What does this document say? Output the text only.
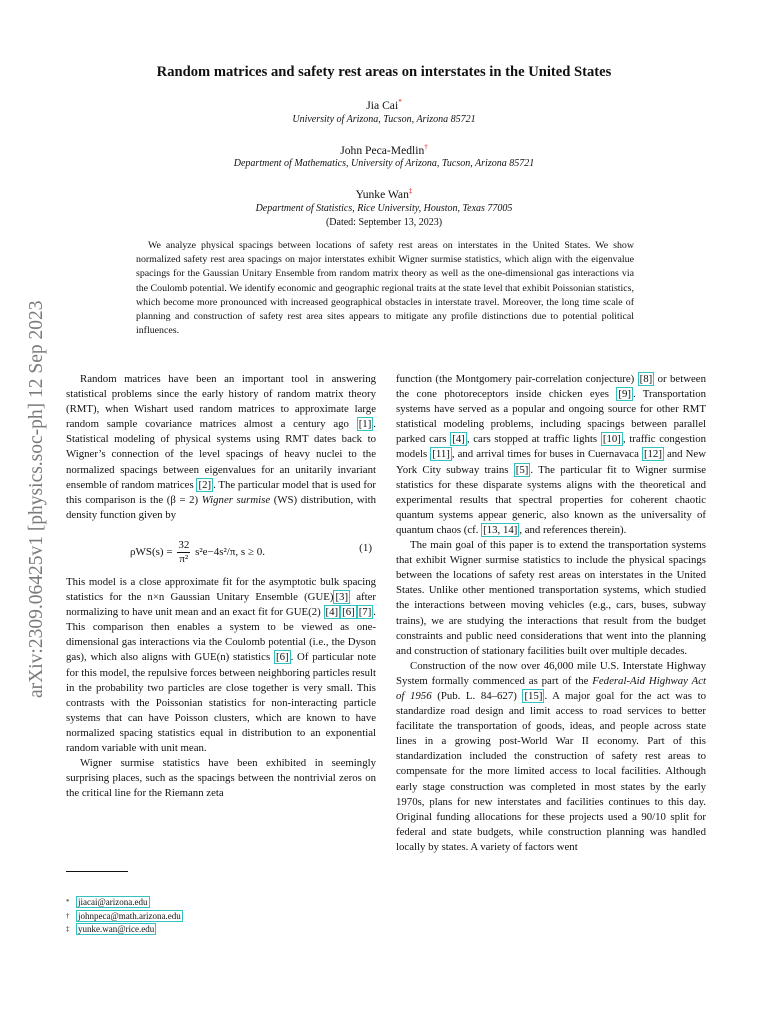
arXiv:2309.06425v1 [physics.soc-ph] 12 Sep 2023
Random matrices and safety rest areas on interstates in the United States
Jia Cai*
University of Arizona, Tucson, Arizona 85721
John Peca-Medlin†
Department of Mathematics, University of Arizona, Tucson, Arizona 85721
Yunke Wan‡
Department of Statistics, Rice University, Houston, Texas 77005
(Dated: September 13, 2023)
We analyze physical spacings between locations of safety rest areas on interstates in the United States. We show normalized safety rest area spacings on major interstates exhibit Wigner surmise statistics, which align with the eigenvalue spacings for the Gaussian Unitary Ensemble from random matrix theory as well as the one-dimensional gas interactions via the Coulomb potential. We identify economic and geographic regional traits at the state level that exhibit Poissonian statistics, which become more pronounced with increased geographical obstacles in interstate travel. Moreover, the long time scale of planning and construction of safety rest area sites appears to mitigate any profile distinctions due to potential political influences.

Random matrices have been an important tool in answering statistical problems since the early history of random matrix theory (RMT), when Wishart used random matrices to approximate large random sample covariance matrices almost a century ago [1] . Statistical modeling of physical systems using RMT dates back to Wigner’s connection of the level spacings of heavy nuclei to the normalized spacings between eigenvalues for an unitarily invariant ensemble of random matrices [2] . The particular model that is used for this comparison is the (β = 2) Wigner surmise (WS) distribution, with density function given by

$\rho WS(s) = \frac{32}{\text{π²}} s^2e-4s^2/\pi$, s ≥ 0.	(1)

This model is a close approximate fit for the asymptotic bulk spacing statistics for the n×n Gaussian Unitary Ensemble (GUE) [3] after normalizing to have unit mean and an exact fit for GUE(2) [4] [6] [7] . This comparison then enables a system to be viewed as one-dimensional gas interactions via the Coulomb potential (i.e., the Dyson gas), which also aligns with GUE(n) statistics [6] . Of particular note for this model, the repulsive forces between neighboring particles result in the probability two particles are close together is very small. This contrasts with the Poissonian statistics for non-interacting particle systems that can have Poisson clusters, which are known to have normalized spacing statistics equal in distribution to an exponential random variable with unit mean.

Wigner surmise statistics have been exhibited in seemingly surprising places, such as the spacings between the nontrivial zeros on the critical line for the Riemann zeta

function (the Montgomery pair-correlation conjecture) [8] or between the cone photoreceptors inside chicken eyes [9] . Transportation systems have served as a popular and ongoing source for other RMT statistical modeling problems, including spacings between parallel parked cars [4] , cars stopped at traffic lights [10] , traffic congestion models [11] , and arrival times for buses in Cuernavaca [12] and New York City subway trains [5] . The particular fit to Wigner surmise statistics for these disparate systems aligns with the theoretical and experimental results that spectral properties for coherent chaotic quantum systems appear generic, also known as the universality of quantum chaos (cf. [13, 14] , and references therein).

The main goal of this paper is to extend the transportation systems that exhibit Wigner surmise statistics to include the physical spacings between the locations of safety rest areas on interstates in the United States. Unlike other mentioned transportation systems, which studied the interactions between moving vehicles (e.g., cars, buses, subway trains), we are studying the interactions that result from the budget constraints and public need considerations that went into the planning and construction of stationary facilities built over multiple decades.

Construction of the now over 46,000 mile U.S. Interstate Highway System formally commenced as part of the Federal-Aid Highway Act of 1956 (Pub. L. 84–627) [15] . A major goal for the act was to standardize road design and limit access to road services to better facilitate the transportation of goods, ideas, and people across state lines in a growing post-World War II economy. Part of this standardization included the construction of safety rest areas to compensate for the more limited access to local facilities. Although early stage construction was completed in most states by the early 1970s, plans for new interstates and facilities continues to this day. Original funding allocations for these projects used a 90/10 split for federal and state budgets, while construction planning was handled locally by states. A variety of factors went

* jiacai@arizona.edu
† johnpeca@math.arizona.edu
‡ yunke.wan@rice.edu
